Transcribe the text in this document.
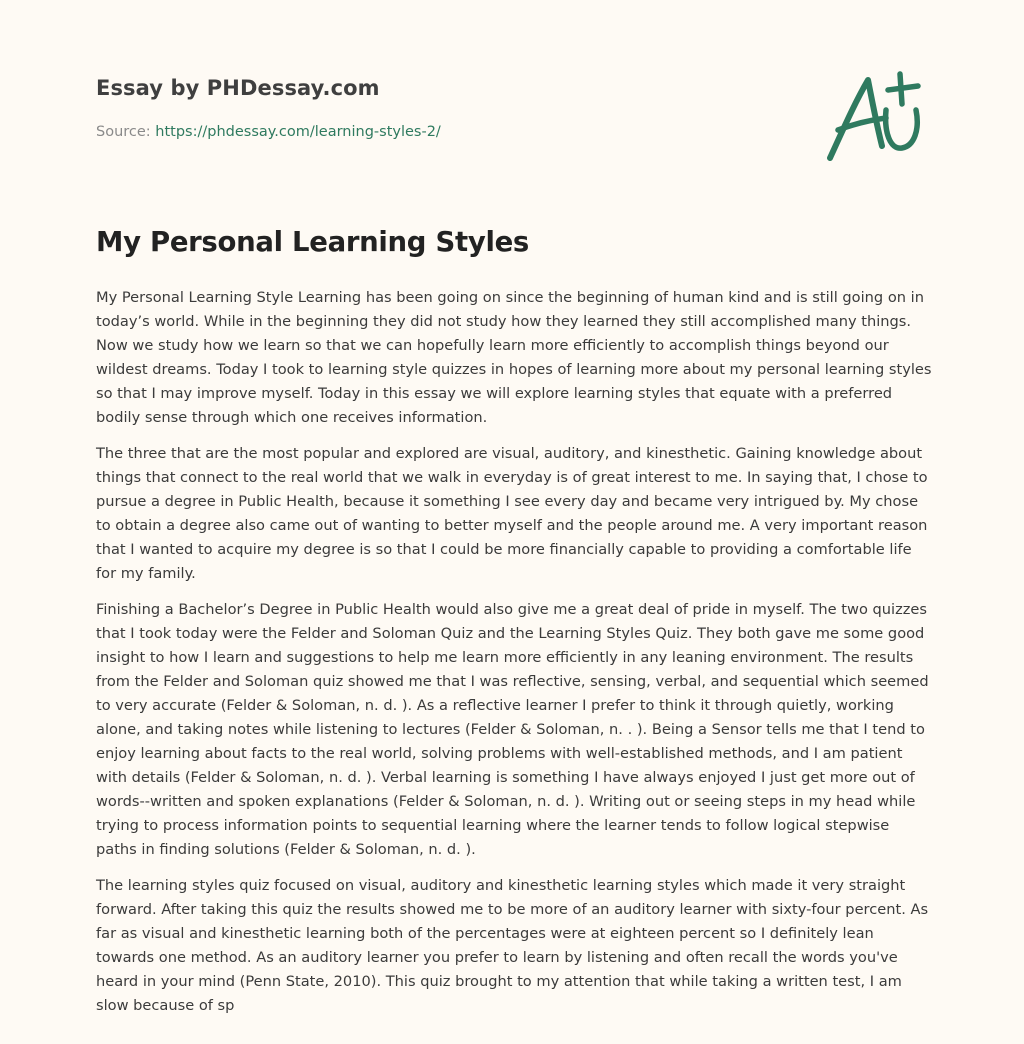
Essay by PHDessay.com
Source: https://phdessay.com/learning-styles-2/
My Personal Learning Styles

My Personal Learning Style Learning has been going on since the beginning of human kind and is still going on in today’s world. While in the beginning they did not study how they learned they still accomplished many things. Now we study how we learn so that we can hopefully learn more efficiently to accomplish things beyond our wildest dreams. Today I took to learning style quizzes in hopes of learning more about my personal learning styles so that I may improve myself. Today in this essay we will explore learning styles that equate with a preferred bodily sense through which one receives information.

The three that are the most popular and explored are visual, auditory, and kinesthetic. Gaining knowledge about things that connect to the real world that we walk in everyday is of great interest to me. In saying that, I chose to pursue a degree in Public Health, because it something I see every day and became very intrigued by. My chose to obtain a degree also came out of wanting to better myself and the people around me. A very important reason that I wanted to acquire my degree is so that I could be more financially capable to providing a comfortable life for my family.

Finishing a Bachelor’s Degree in Public Health would also give me a great deal of pride in myself. The two quizzes that I took today were the Felder and Soloman Quiz and the Learning Styles Quiz. They both gave me some good insight to how I learn and suggestions to help me learn more efficiently in any leaning environment. The results from the Felder and Soloman quiz showed me that I was reflective, sensing, verbal, and sequential which seemed to very accurate (Felder & Soloman, n. d. ). As a reflective learner I prefer to think it through quietly, working alone, and taking notes while listening to lectures (Felder & Soloman, n. . ). Being a Sensor tells me that I tend to enjoy learning about facts to the real world, solving problems with well-established methods, and I am patient with details (Felder & Soloman, n. d. ). Verbal learning is something I have always enjoyed I just get more out of words--written and spoken explanations (Felder & Soloman, n. d. ). Writing out or seeing steps in my head while trying to process information points to sequential learning where the learner tends to follow logical stepwise paths in finding solutions (Felder & Soloman, n. d. ).

The learning styles quiz focused on visual, auditory and kinesthetic learning styles which made it very straight forward. After taking this quiz the results showed me to be more of an auditory learner with sixty-four percent. As far as visual and kinesthetic learning both of the percentages were at eighteen percent so I definitely lean towards one method. As an auditory learner you prefer to learn by listening and often recall the words you've heard in your mind (Penn State, 2010). This quiz brought to my attention that while taking a written test, I am slow because of sp
